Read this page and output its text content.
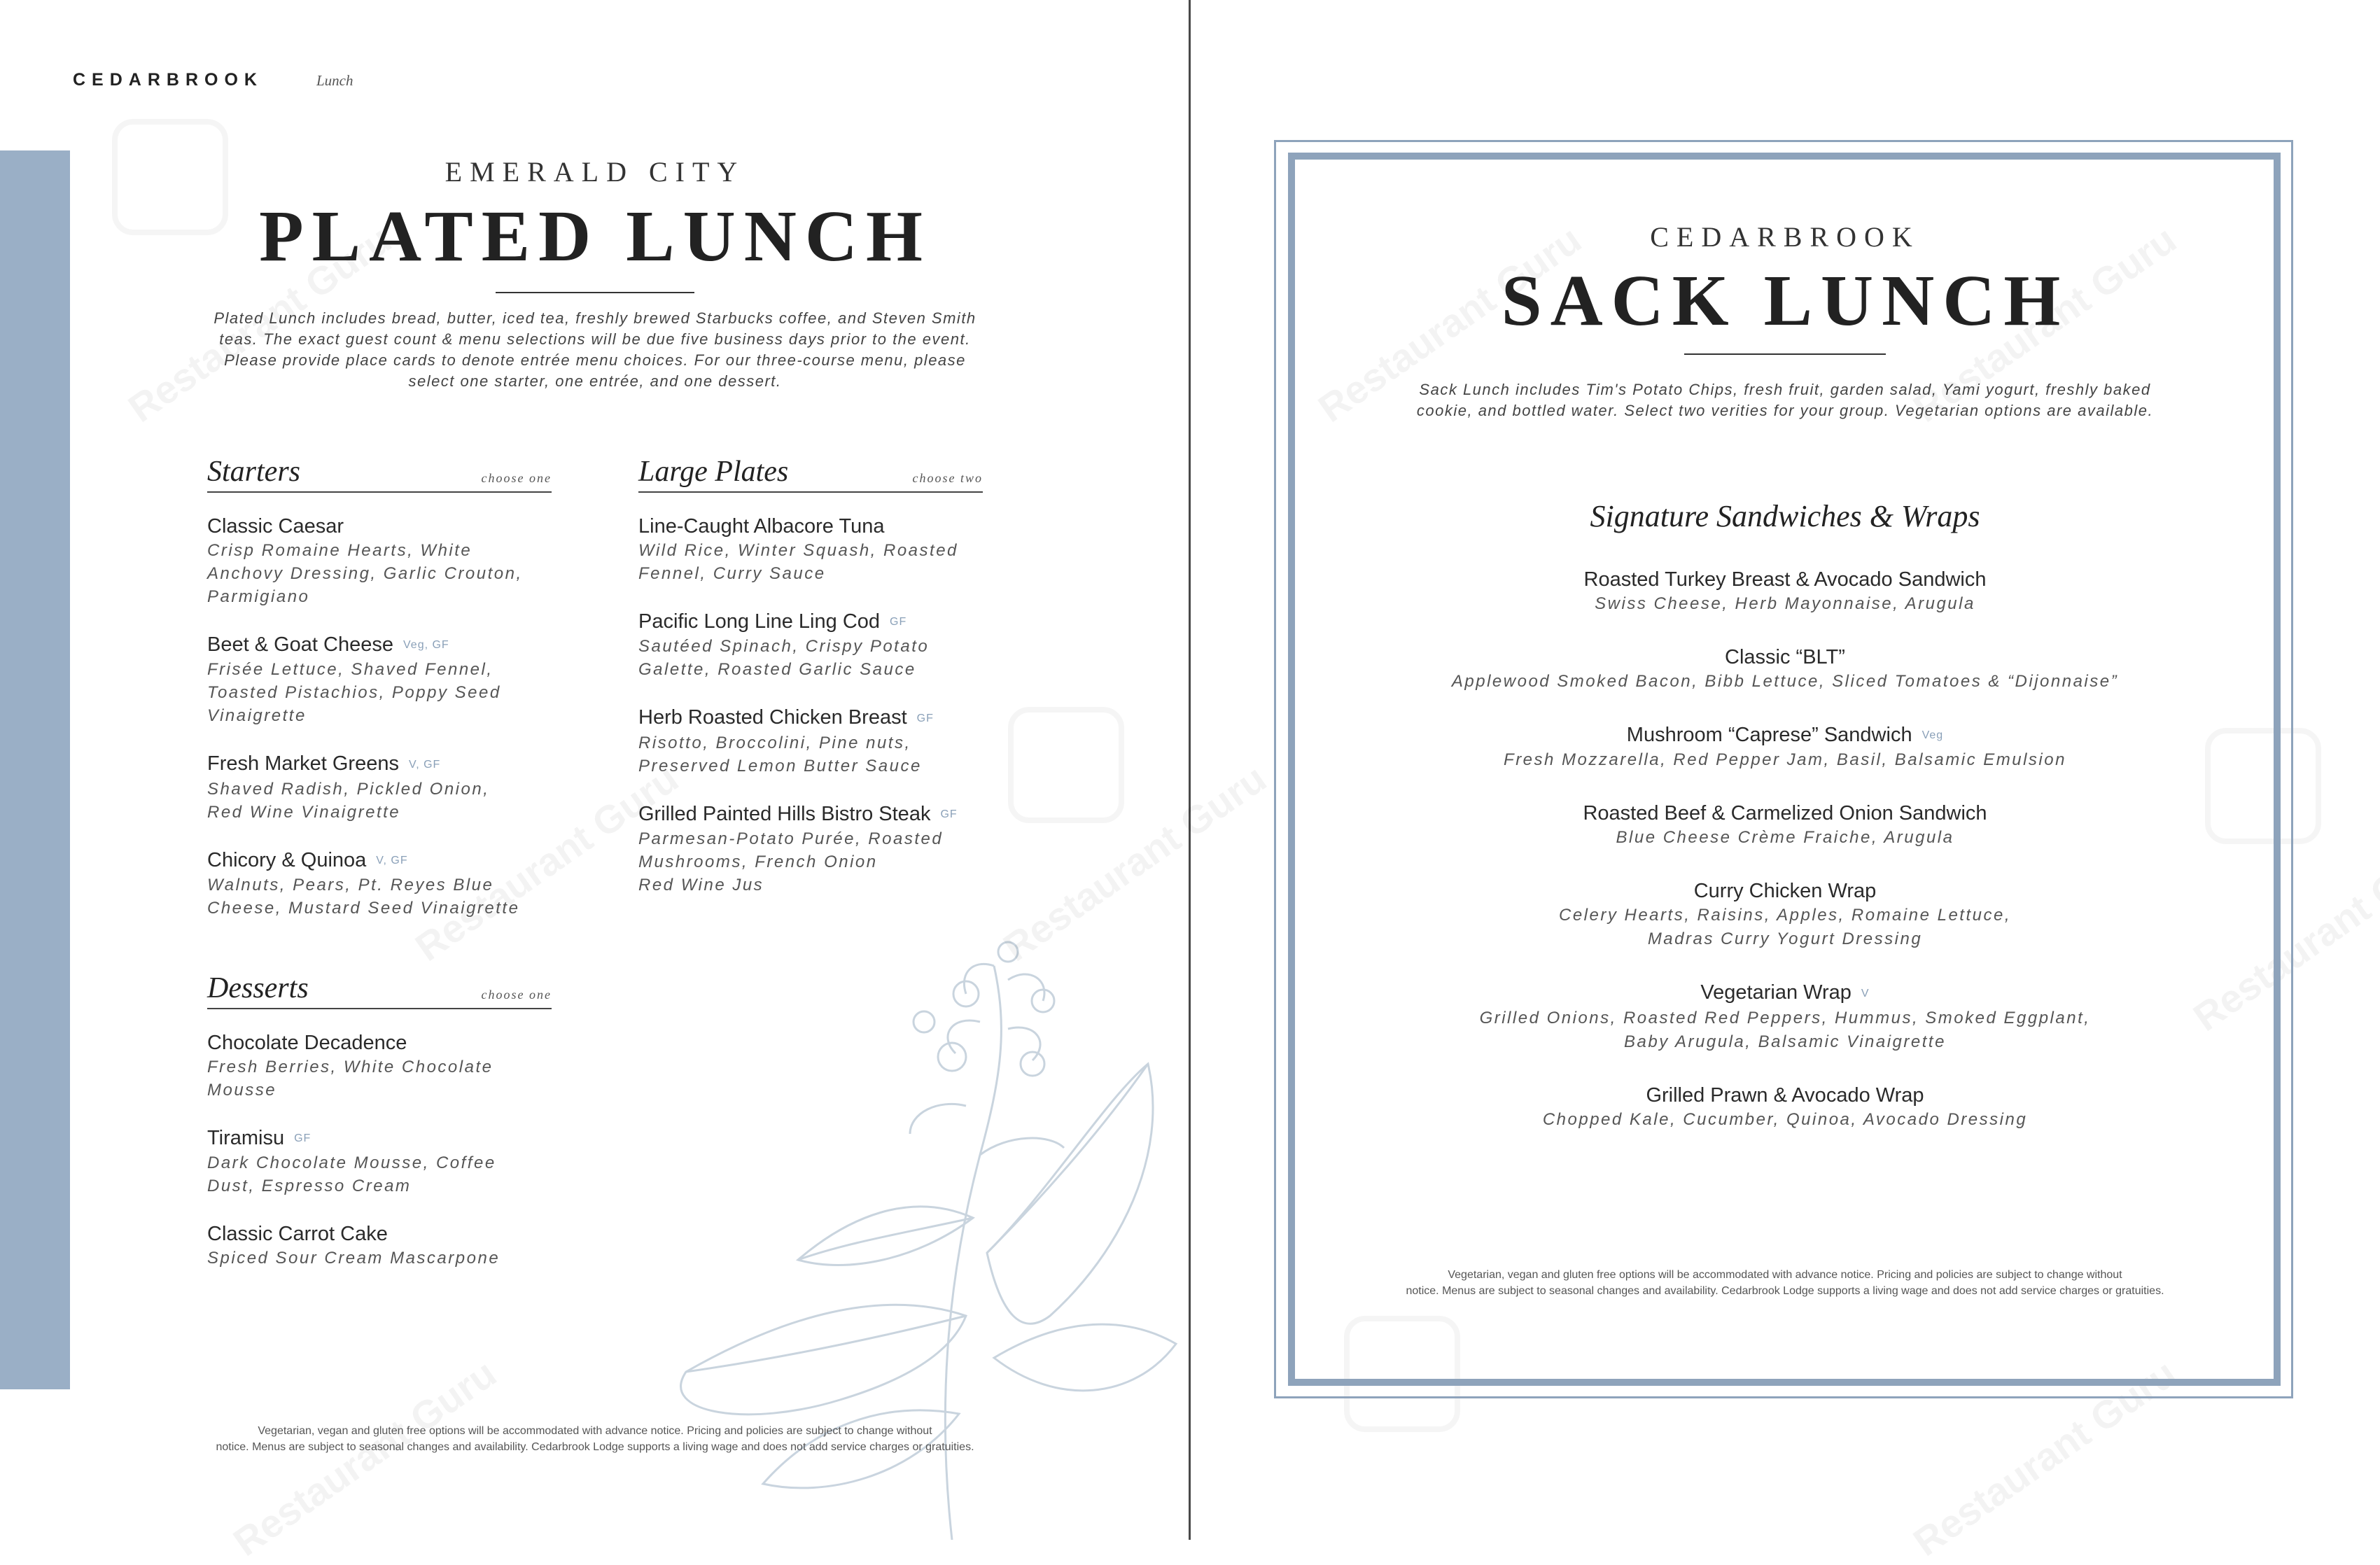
CEDARBROOK	Lunch
EMERALD CITY
PLATED LUNCH
Plated Lunch includes bread, butter, iced tea, freshly brewed Starbucks coffee, and Steven Smith
teas. The exact guest count & menu selections will be due five business days prior to the event.
Please provide place cards to denote entrée menu choices. For our three-course menu, please
select one starter, one entrée, and one dessert.
Starters	choose one
Classic Caesar
Crisp Romaine Hearts, White
Anchovy Dressing, Garlic Crouton,
Parmigiano
Beet & Goat Cheese Veg, GF
Frisée Lettuce, Shaved Fennel,
Toasted Pistachios, Poppy Seed
Vinaigrette
Fresh Market Greens V, GF
Shaved Radish, Pickled Onion,
Red Wine Vinaigrette
Chicory & Quinoa V, GF
Walnuts, Pears, Pt. Reyes Blue
Cheese, Mustard Seed Vinaigrette
Desserts	choose one
Chocolate Decadence
Fresh Berries, White Chocolate
Mousse
Tiramisu GF
Dark Chocolate Mousse, Coffee
Dust, Espresso Cream
Classic Carrot Cake
Spiced Sour Cream Mascarpone
Large Plates	choose two
Line-Caught Albacore Tuna
Wild Rice, Winter Squash, Roasted
Fennel, Curry Sauce
Pacific Long Line Ling Cod GF
Sautéed Spinach, Crispy Potato
Galette, Roasted Garlic Sauce
Herb Roasted Chicken Breast GF
Risotto, Broccolini, Pine nuts,
Preserved Lemon Butter Sauce
Grilled Painted Hills Bistro Steak GF
Parmesan-Potato Purée, Roasted
Mushrooms, French Onion
Red Wine Jus
Vegetarian, vegan and gluten free options will be accommodated with advance notice. Pricing and policies are subject to change without
notice. Menus are subject to seasonal changes and availability. Cedarbrook Lodge supports a living wage and does not add service charges or gratuities.
CEDARBROOK
SACK LUNCH
Sack Lunch includes Tim's Potato Chips, fresh fruit, garden salad, Yami yogurt, freshly baked
cookie, and bottled water. Select two verities for your group. Vegetarian options are available.
Signature Sandwiches & Wraps
Roasted Turkey Breast & Avocado Sandwich
Swiss Cheese, Herb Mayonnaise, Arugula
Classic “BLT”
Applewood Smoked Bacon, Bibb Lettuce, Sliced Tomatoes & “Dijonnaise”
Mushroom “Caprese” Sandwich Veg
Fresh Mozzarella, Red Pepper Jam, Basil, Balsamic Emulsion
Roasted Beef & Carmelized Onion Sandwich
Blue Cheese Crème Fraiche, Arugula
Curry Chicken Wrap
Celery Hearts, Raisins, Apples, Romaine Lettuce,
Madras Curry Yogurt Dressing
Vegetarian Wrap V
Grilled Onions, Roasted Red Peppers, Hummus, Smoked Eggplant,
Baby Arugula, Balsamic Vinaigrette
Grilled Prawn & Avocado Wrap
Chopped Kale, Cucumber, Quinoa, Avocado Dressing
Vegetarian, vegan and gluten free options will be accommodated with advance notice. Pricing and policies are subject to change without
notice. Menus are subject to seasonal changes and availability. Cedarbrook Lodge supports a living wage and does not add service charges or gratuities.
